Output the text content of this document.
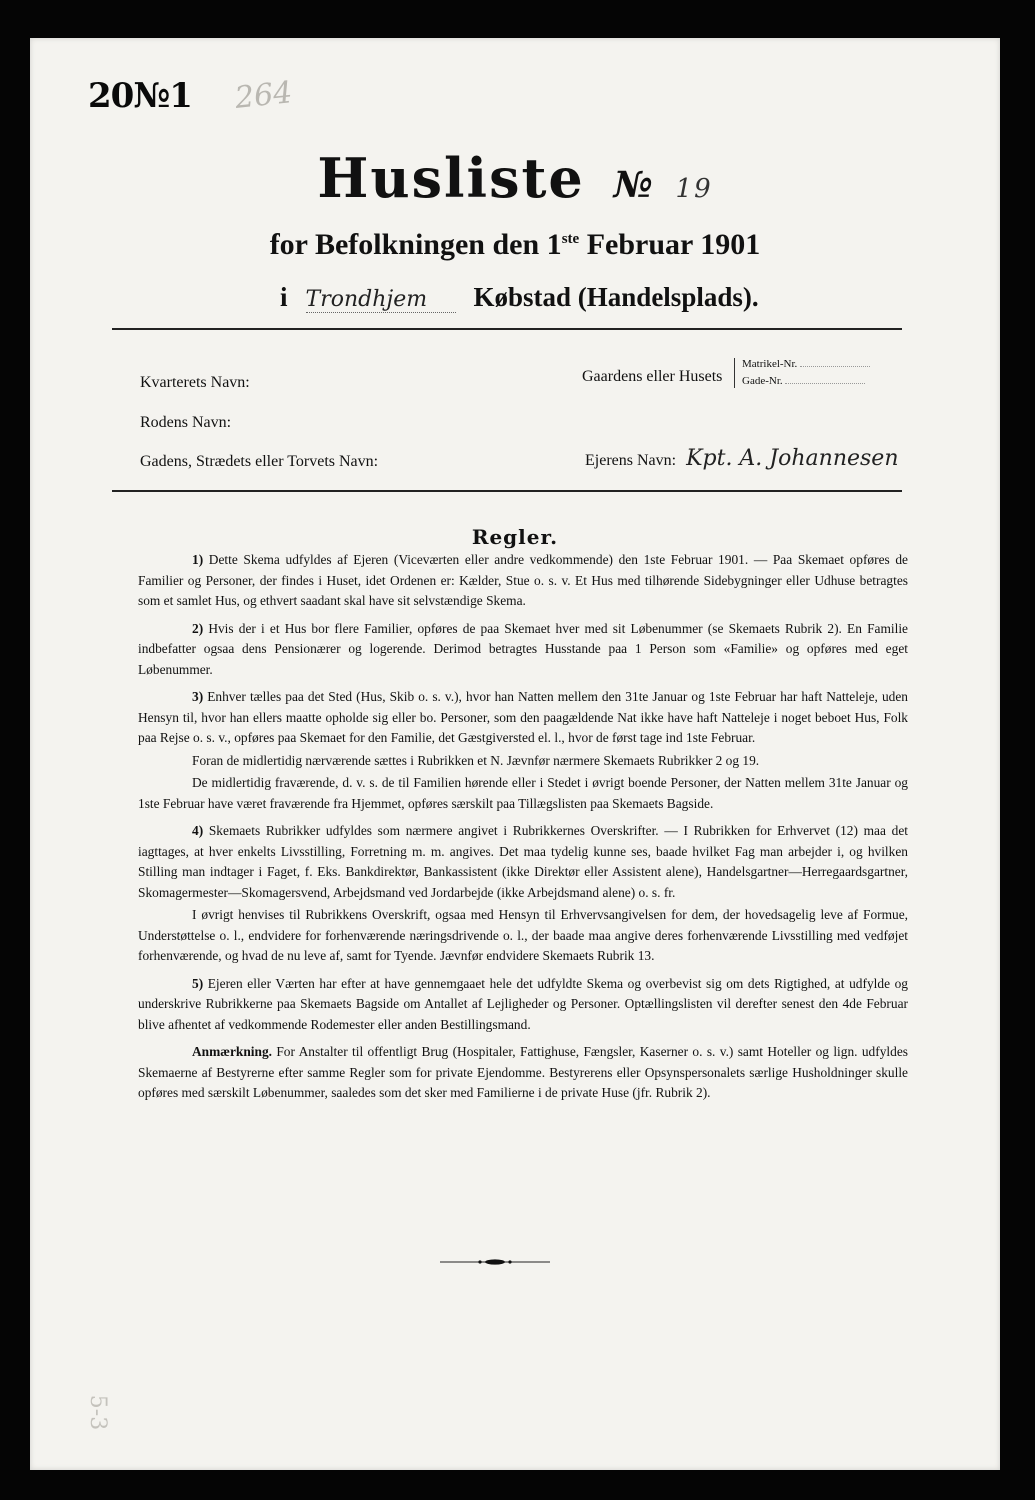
20№1 264
Husliste № 19
for Befolkningen den 1ste Februar 1901
i Trondhjem	Købstad (Handelsplads).
Kvarterets Navn:
Rodens Navn:
Gadens, Strædets eller Torvets Navn:
Gaardens eller Husets
Matrikel-Nr.
Gade-Nr.
Ejerens Navn: Kpt. A. Johannesen
Regler.

1) Dette Skema udfyldes af Ejeren (Viceværten eller andre vedkommende) den 1ste Februar 1901. — Paa Skemaet opføres de Familier og Personer, der findes i Huset, idet Ordenen er: Kælder, Stue o. s. v. Et Hus med tilhørende Sidebygninger eller Udhuse betragtes som et samlet Hus, og ethvert saadant skal have sit selvstændige Skema.

2) Hvis der i et Hus bor flere Familier, opføres de paa Skemaet hver med sit Løbenummer (se Skemaets Rubrik 2). En Familie indbefatter ogsaa dens Pensionærer og logerende. Derimod betragtes Husstande paa 1 Person som «Familie» og opføres med eget Løbenummer.

3) Enhver tælles paa det Sted (Hus, Skib o. s. v.), hvor han Natten mellem den 31te Januar og 1ste Februar har haft Natteleje, uden Hensyn til, hvor han ellers maatte opholde sig eller bo. Personer, som den paagældende Nat ikke have haft Natteleje i noget beboet Hus, Folk paa Rejse o. s. v., opføres paa Skemaet for den Familie, det Gæstgiversted el. l., hvor de først tage ind 1ste Februar.

Foran de midlertidig nærværende sættes i Rubrikken et N. Jævnfør nærmere Skemaets Rubrikker 2 og 19.

De midlertidig fraværende, d. v. s. de til Familien hørende eller i Stedet i øvrigt boende Personer, der Natten mellem 31te Januar og 1ste Februar have været fraværende fra Hjemmet, opføres særskilt paa Tillægslisten paa Skemaets Bagside.

4) Skemaets Rubrikker udfyldes som nærmere angivet i Rubrikkernes Overskrifter. — I Rubrikken for Erhvervet (12) maa det iagttages, at hver enkelts Livsstilling, Forretning m. m. angives. Det maa tydelig kunne ses, baade hvilket Fag man arbejder i, og hvilken Stilling man indtager i Faget, f. Eks. Bankdirektør, Bankassistent (ikke Direktør eller Assistent alene), Handelsgartner—Herregaardsgartner, Skomagermester—Skomagersvend, Arbejdsmand ved Jordarbejde (ikke Arbejdsmand alene) o. s. fr.

I øvrigt henvises til Rubrikkens Overskrift, ogsaa med Hensyn til Erhvervsangivelsen for dem, der hovedsagelig leve af Formue, Understøttelse o. l., endvidere for forhenværende næringsdrivende o. l., der baade maa angive deres forhenværende Livsstilling med vedføjet forhenværende, og hvad de nu leve af, samt for Tyende. Jævnfør endvidere Skemaets Rubrik 13.

5) Ejeren eller Værten har efter at have gennemgaaet hele det udfyldte Skema og overbevist sig om dets Rigtighed, at udfylde og underskrive Rubrikkerne paa Skemaets Bagside om Antallet af Lejligheder og Personer. Optællingslisten vil derefter senest den 4de Februar blive afhentet af vedkommende Rodemester eller anden Bestillingsmand.

Anmærkning. For Anstalter til offentligt Brug (Hospitaler, Fattighuse, Fængsler, Kaserner o. s. v.) samt Hoteller og lign. udfyldes Skemaerne af Bestyrerne efter samme Regler som for private Ejendomme. Bestyrerens eller Opsynspersonalets særlige Husholdninger skulle opføres med særskilt Løbenummer, saaledes som det sker med Familierne i de private Huse (jfr. Rubrik 2).

5-3
